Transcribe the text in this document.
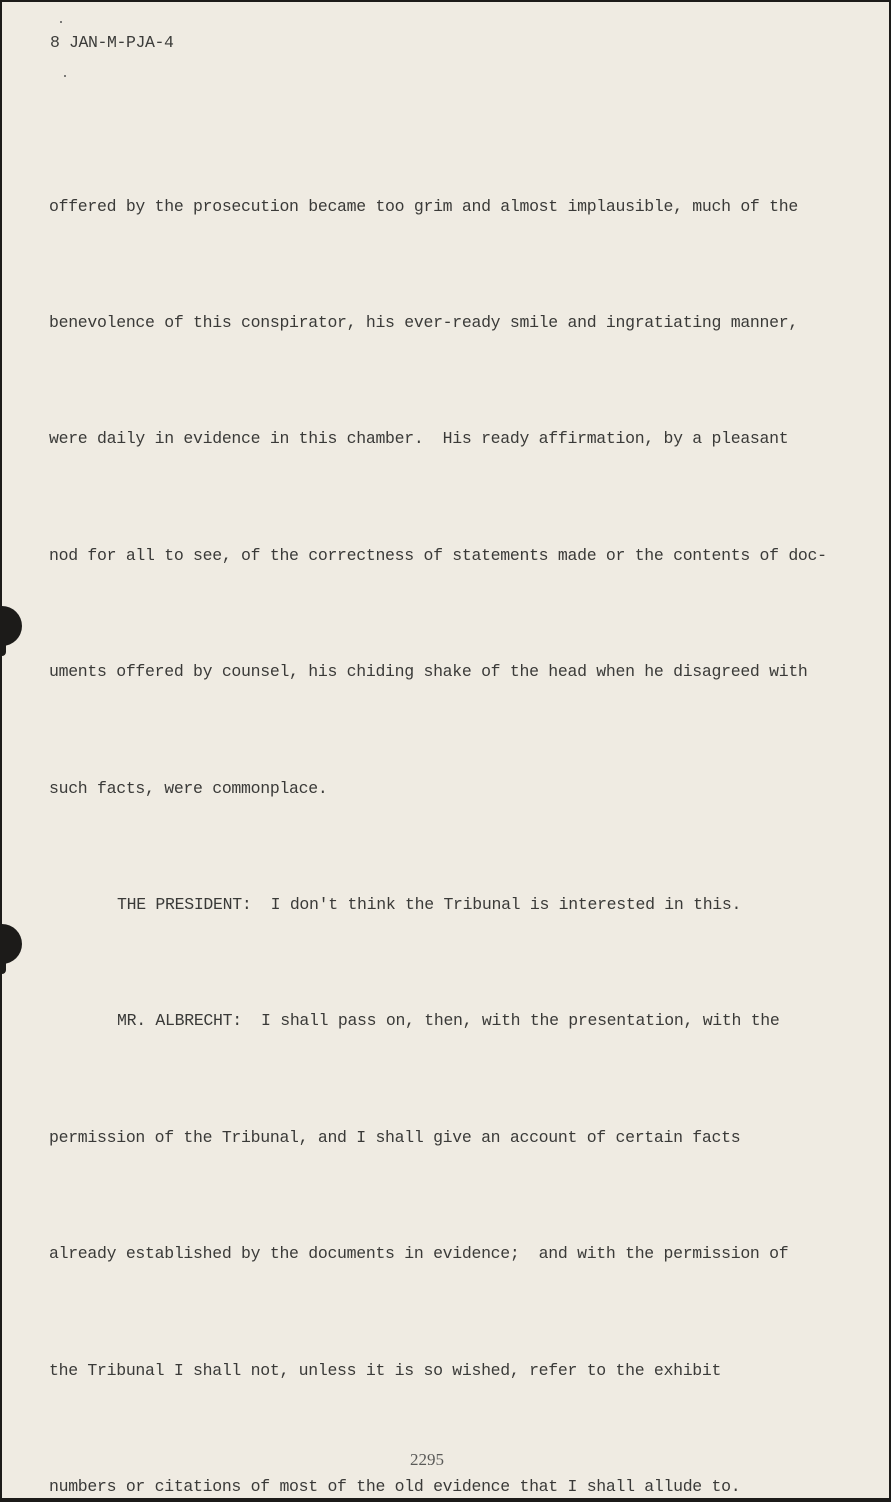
8 JAN-M-PJA-4

offered by the prosecution became too grim and almost implausible, much of the

benevolence of this conspirator, his ever-ready smile and ingratiating manner,

were daily in evidence in this chamber.  His ready affirmation, by a pleasant

nod for all to see, of the correctness of statements made or the contents of doc-

uments offered by counsel, his chiding shake of the head when he disagreed with

such facts, were commonplace.

THE PRESIDENT:  I don't think the Tribunal is interested in this.

MR. ALBRECHT:  I shall pass on, then, with the presentation, with the

permission of the Tribunal, and I shall give an account of certain facts

already established by the documents in evidence;  and with the permission of

the Tribunal I shall not, unless it is so wished, refer to the exhibit

numbers or citations of most of the old evidence that I shall allude to.

2295
